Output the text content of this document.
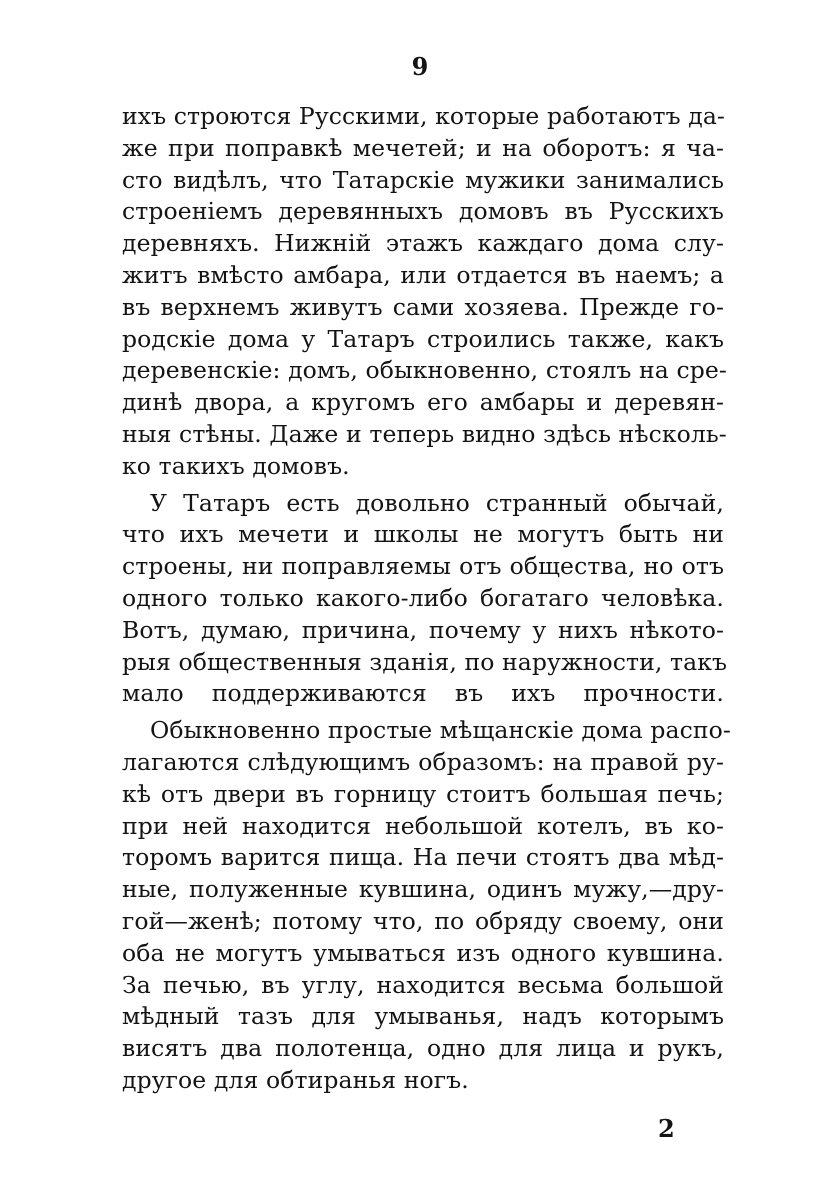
9
ихъ строются Русскими, которые работаютъ да-
же при поправкѣ мечетей; и на оборотъ: я ча-
сто видѣлъ, что Татарскіе мужики занимались
строеніемъ деревянныхъ домовъ въ Русскихъ
деревняхъ. Нижній этажъ каждаго дома слу-
житъ вмѣсто амбара, или отдается въ наемъ; а
въ верхнемъ живутъ сами хозяева. Прежде го-
родскіе дома у Татаръ строились также, какъ
деревенскіе: домъ, обыкновенно, стоялъ на сре-
динѣ двора, а кругомъ его амбары и деревян-
ныя стѣны. Даже и теперь видно здѣсь нѣсколь-
ко такихъ домовъ.
У Татаръ есть довольно странный обычай,
что ихъ мечети и школы не могутъ быть ни
строены, ни поправляемы отъ общества, но отъ
одного только какого-либо богатаго человѣка.
Вотъ, думаю, причина, почему у нихъ нѣкото-
рыя общественныя зданія, по наружности, такъ
мало поддерживаются въ ихъ прочности.
Обыкновенно простые мѣщанскіе дома распо-
лагаются слѣдующимъ образомъ: на правой ру-
кѣ отъ двери въ горницу стоитъ большая печь;
при ней находится небольшой котелъ, въ ко-
торомъ варится пища. На печи стоятъ два мѣд-
ные, полуженные кувшина, одинъ мужу,—дру-
гой—женѣ; потому что, по обряду своему, они
оба не могутъ умываться изъ одного кувшина.
За печью, въ углу, находится весьма большой
мѣдный тазъ для умыванья, надъ которымъ
висятъ два полотенца, одно для лица и рукъ,
другое для обтиранья ногъ.
2
